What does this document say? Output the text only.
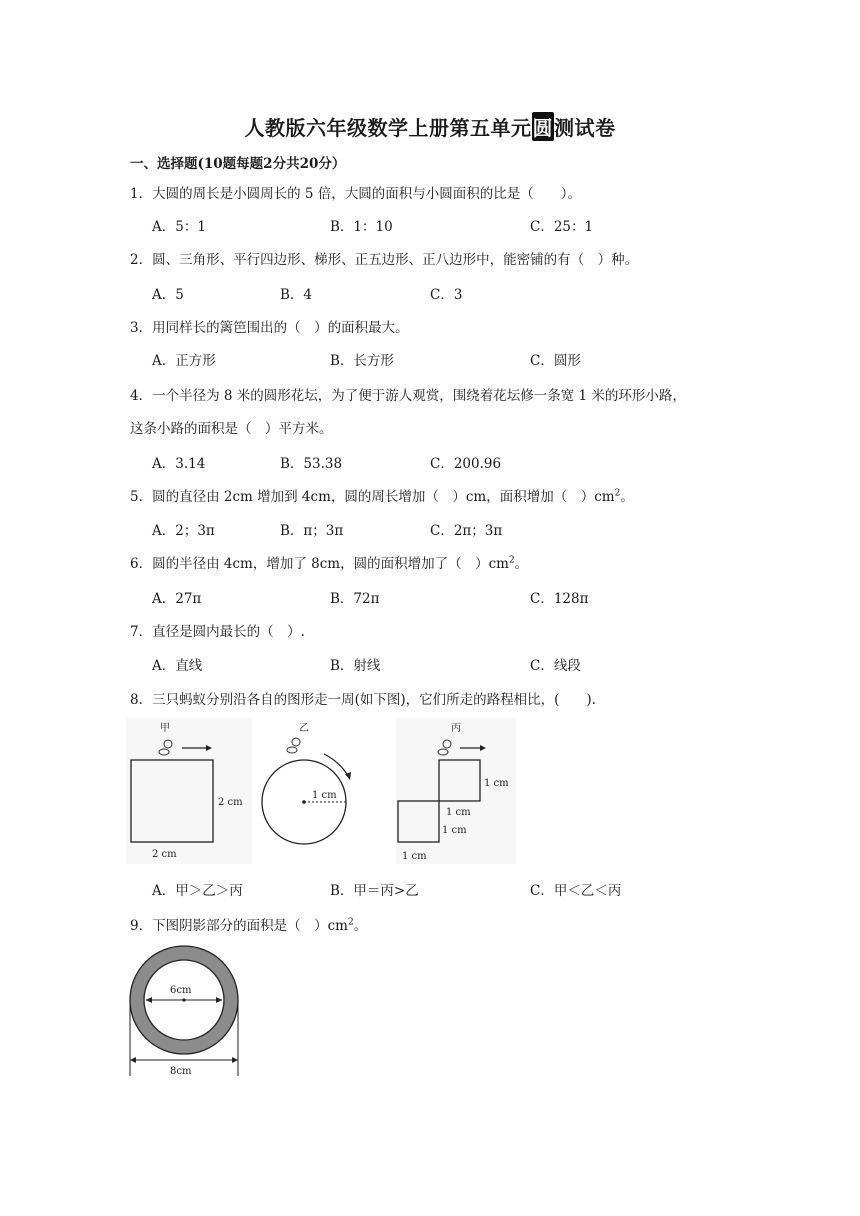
人教版六年级数学上册第五单元圆测试卷
一、选择题(10题每题2分共20分）
1．大圆的周长是小圆周长的 5 倍，大圆的面积与小圆面积的比是（　　）。
A．5：1	B．1：10	C．25：1
2．圆、三角形、平行四边形、梯形、正五边形、正八边形中，能密铺的有（　）种。
A．5	B．4	C．3
3．用同样长的篱笆围出的（　）的面积最大。
A．正方形	B．长方形	C．圆形
4．一个半径为 8 米的圆形花坛，为了便于游人观赏，围绕着花坛修一条宽 1 米的环形小路，
这条小路的面积是（　）平方米。
A．3.14	B．53.38	C．200.96
5．圆的直径由 2cm 增加到 4cm，圆的周长增加（　）cm，面积增加（　）$cm^2$。
A．2；3π	B．π；3π	C．2π；3π
6．圆的半径由 4cm，增加了 8cm，圆的面积增加了（　）$cm^2$。
A．27π	B．72π	C．128π
7．直径是圆内最长的（　）.
A．直线	B．射线	C．线段
8．三只蚂蚁分别沿各自的图形走一周(如下图)，它们所走的路程相比，(　　).
甲
2 cm
2 cm
乙
1 cm
丙
1 cm
1 cm
1 cm
1 cm
A．甲＞乙＞丙	B．甲＝丙>乙	C．甲＜乙＜丙
9．下图阴影部分的面积是（　）$cm^2$。
6cm
8cm
